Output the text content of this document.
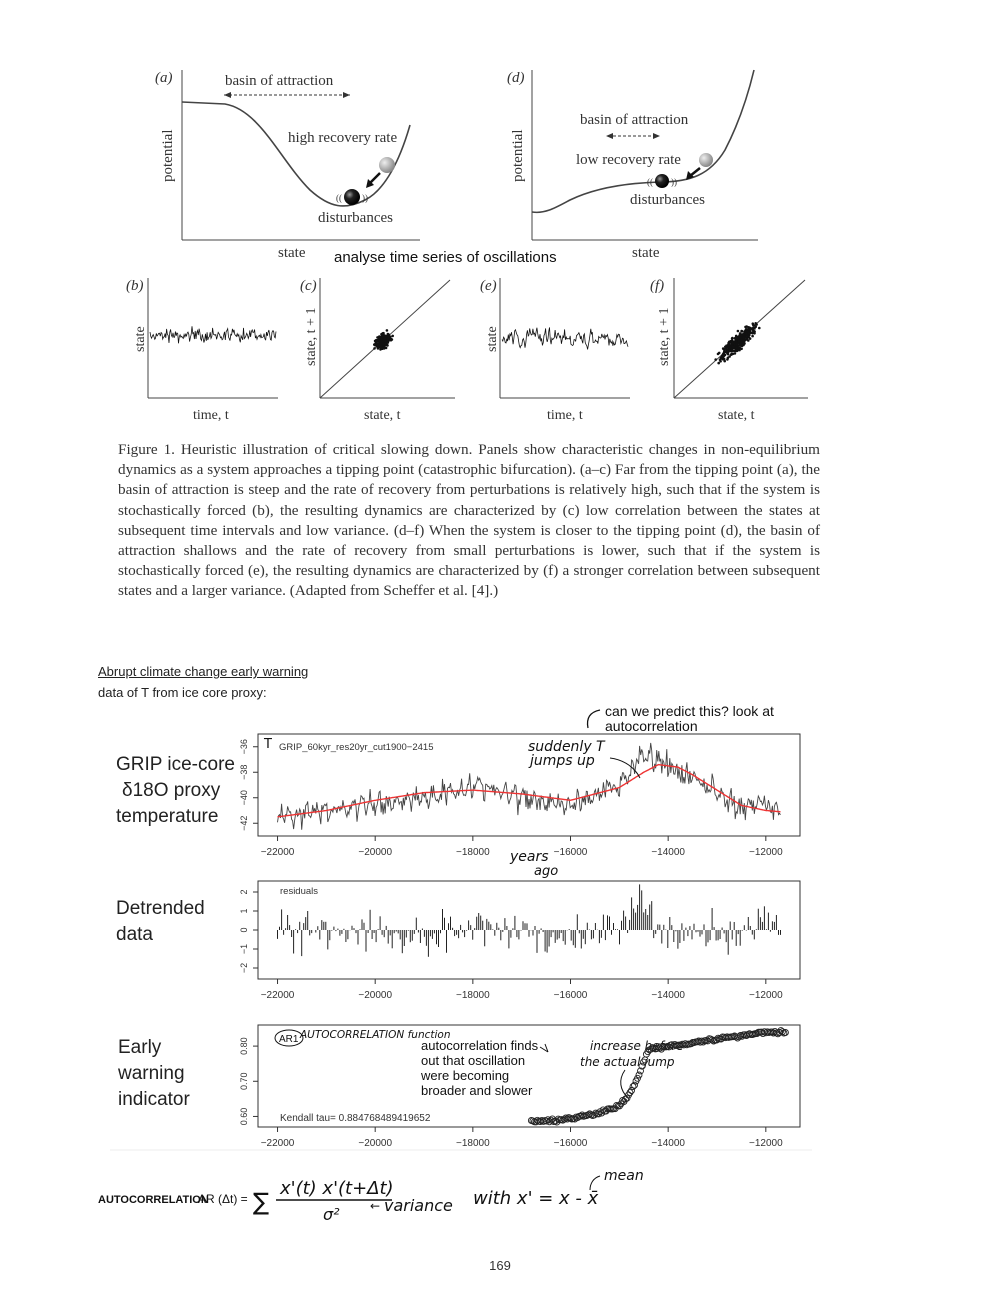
(a)	basin of attraction
high recovery rate
(( ))
disturbances
potential
state
(d)
basin of attraction
low recovery rate
(( ))
disturbances
potential
state
analyse time series of oscillations
(b)
state
time, t
(c)
state, t + 1
state, t
(e)
state
time, t
(f)
state, t + 1
state, t
can we predict this? look at
autocorrelation
T GRIP_60kyr_res20yr_cut1900−2415
−36
−38
−40
−42
suddenly T
jumps up
−22000	−20000	−18000	−16000	−14000	−12000
years
ago
residuals
2
1
0
−1
−2
−22000	−20000	−18000	−16000	−14000	−12000
AR1 AUTOCORRELATION function
autocorrelation finds
out that oscillation
were becoming
broader and slower
increase before
the actual jump
Kendall tau= 0.884768489419652
0.80
0.70
0.60
−22000	−20000	−18000	−16000	−14000	−12000
AUTOCORRELATION
AR (Δt) = ∑ x'(t) x'(t+Δt)
σ²	← variance with x' = x - x̄
mean

Figure 1. Heuristic illustration of critical slowing down. Panels show characteristic changes in non-equilibrium dynamics as a system approaches a tipping point (catastrophic bifurcation). (a–c) Far from the tipping point (a), the basin of attraction is steep and the rate of recovery from perturbations is relatively high, such that if the system is stochastically forced (b), the resulting dynamics are characterized by (c) low correlation between the states at subsequent time intervals and low variance. (d–f) When the system is closer to the tipping point (d), the basin of attraction shallows and the rate of recovery from small perturbations is lower, such that if the system is stochastically forced (e), the resulting dynamics are characterized by (f) a stronger correlation between subsequent states and a larger variance. (Adapted from Scheffer et al. [4].)

Abrupt climate change early warning

data of T from ice core proxy:

GRIP ice-core
δ18O proxy
temperature
Detrended
data
Early
warning
indicator
169
